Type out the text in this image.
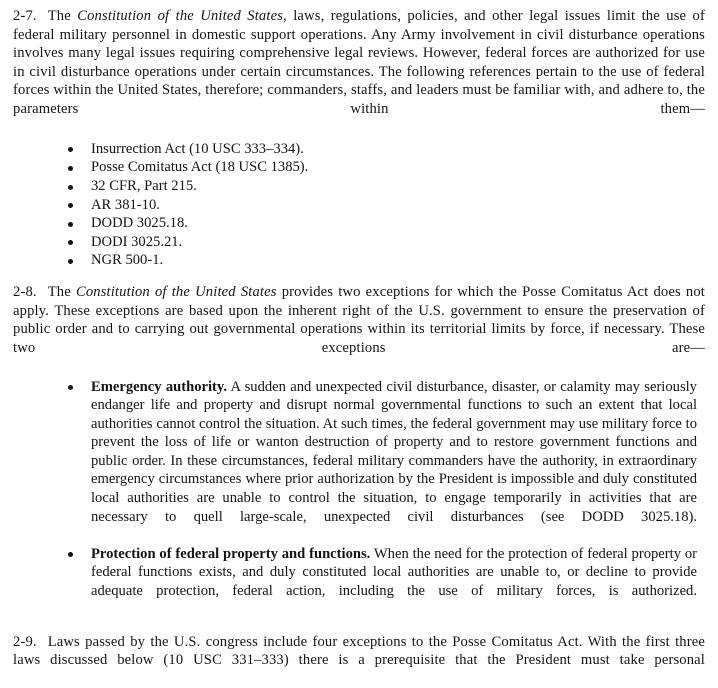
2-7. The Constitution of the United States, laws, regulations, policies, and other legal issues limit the use of federal military personnel in domestic support operations. Any Army involvement in civil disturbance operations involves many legal issues requiring comprehensive legal reviews. However, federal forces are authorized for use in civil disturbance operations under certain circumstances. The following references pertain to the use of federal forces within the United States, therefore; commanders, staffs, and leaders must be familiar with, and adhere to, the parameters within them—

Insurrection Act (10 USC 333–334).
Posse Comitatus Act (18 USC 1385).
32 CFR, Part 215.
AR 381-10.
DODD 3025.18.
DODI 3025.21.
NGR 500-1.

2-8. The Constitution of the United States provides two exceptions for which the Posse Comitatus Act does not apply. These exceptions are based upon the inherent right of the U.S. government to ensure the preservation of public order and to carrying out governmental operations within its territorial limits by force, if necessary. These two exceptions are—

Emergency authority. A sudden and unexpected civil disturbance, disaster, or calamity may seriously endanger life and property and disrupt normal governmental functions to such an extent that local authorities cannot control the situation. At such times, the federal government may use military force to prevent the loss of life or wanton destruction of property and to restore government functions and public order. In these circumstances, federal military commanders have the authority, in extraordinary emergency circumstances where prior authorization by the President is impossible and duly constituted local authorities are unable to control the situation, to engage temporarily in activities that are necessary to quell large-scale, unexpected civil disturbances (see DODD 3025.18).
Protection of federal property and functions. When the need for the protection of federal property or federal functions exists, and duly constituted local authorities are unable to, or decline to provide adequate protection, federal action, including the use of military forces, is authorized.

2-9. Laws passed by the U.S. congress include four exceptions to the Posse Comitatus Act. With the first three laws discussed below (10 USC 331–333) there is a prerequisite that the President must take personal
